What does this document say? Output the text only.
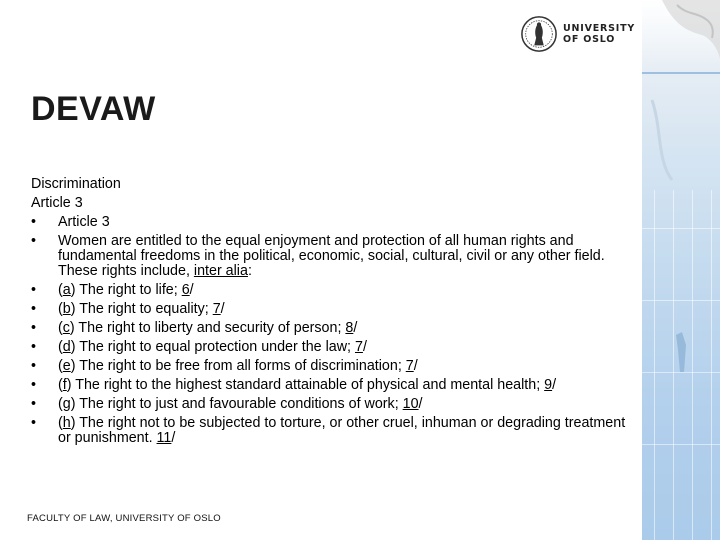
UNIVERSITY
OF OSLO
DEVAW

Discrimination

Article 3

• Article 3
• Women are entitled to the equal enjoyment and protection of all human rights and fundamental freedoms in the political, economic, social, cultural, civil or any other field. These rights include, inter alia:
• (a) The right to life; 6/
• (b) The right to equality; 7/
• (c) The right to liberty and security of person; 8/
• (d) The right to equal protection under the law; 7/
• (e) The right to be free from all forms of discrimination; 7/
• (f) The right to the highest standard attainable of physical and mental health; 9/
• (g) The right to just and favourable conditions of work; 10/
• (h) The right not to be subjected to torture, or other cruel, inhuman or degrading treatment or punishment. 11/
FACULTY OF LAW, UNIVERSITY OF OSLO
